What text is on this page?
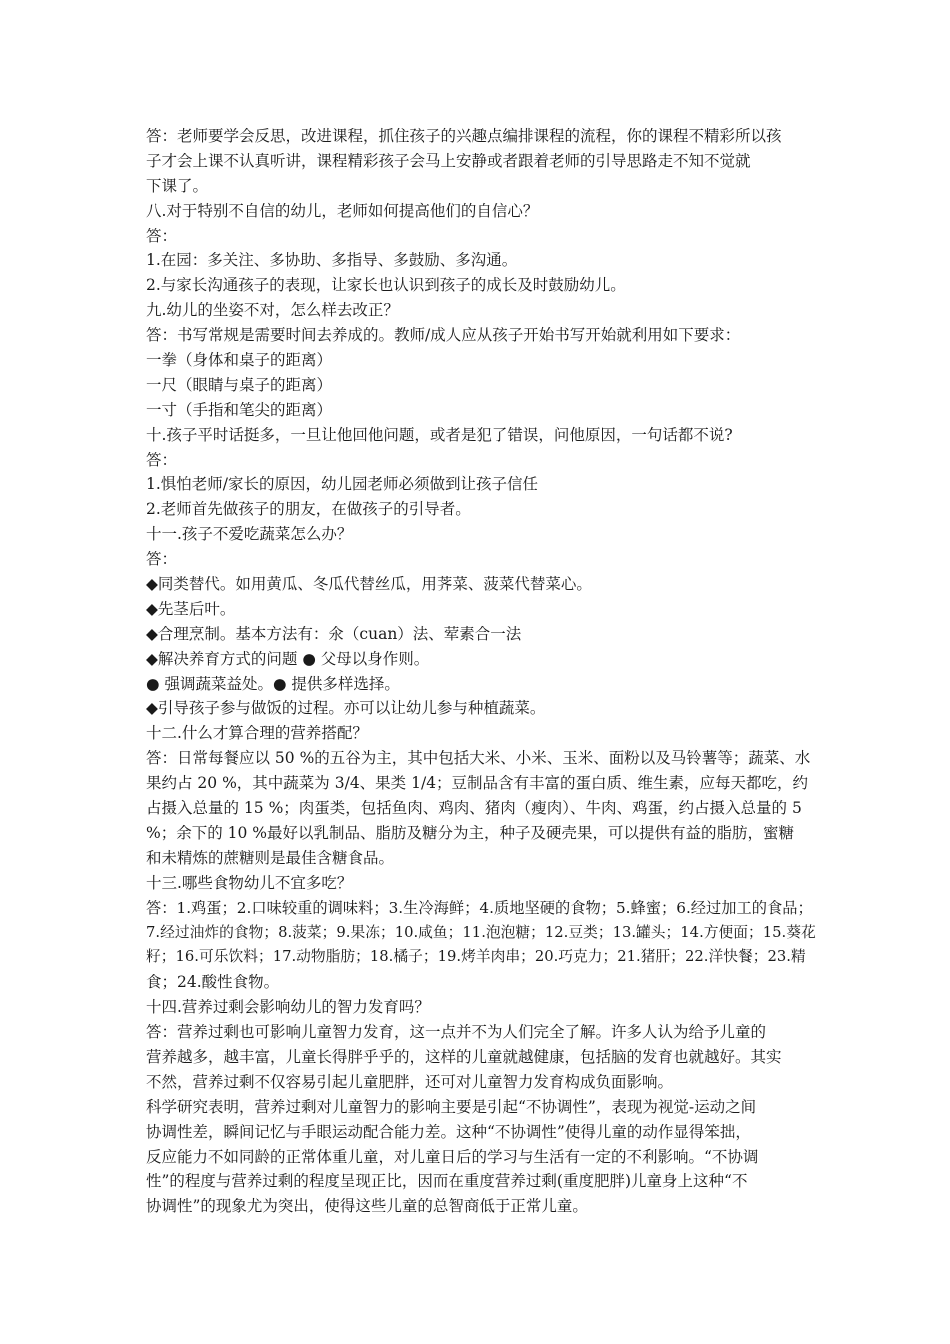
答：老师要学会反思，改进课程，抓住孩子的兴趣点编排课程的流程，你的课程不精彩所以孩
子才会上课不认真听讲，课程精彩孩子会马上安静或者跟着老师的引导思路走不知不觉就
下课了。
八.对于特别不自信的幼儿，老师如何提高他们的自信心？
答：
1.在园：多关注、多协助、多指导、多鼓励、多沟通。
2.与家长沟通孩子的表现，让家长也认识到孩子的成长及时鼓励幼儿。
九.幼儿的坐姿不对，怎么样去改正？
答：书写常规是需要时间去养成的。教师/成人应从孩子开始书写开始就利用如下要求：
一拳（身体和桌子的距离）
一尺（眼睛与桌子的距离）
一寸（手指和笔尖的距离）
十.孩子平时话挺多，一旦让他回他问题，或者是犯了错误，问他原因，一句话都不说?
答：
1.惧怕老师/家长的原因，幼儿园老师必须做到让孩子信任
2.老师首先做孩子的朋友，在做孩子的引导者。
十一.孩子不爱吃蔬菜怎么办？
答：
◆同类替代。如用黄瓜、冬瓜代替丝瓜，用荠菜、菠菜代替菜心。
◆先茎后叶。
◆合理烹制。基本方法有：氽（cuan）法、荤素合一法
◆解决养育方式的问题 ● 父母以身作则。
● 强调蔬菜益处。● 提供多样选择。
◆引导孩子参与做饭的过程。亦可以让幼儿参与种植蔬菜。
十二.什么才算合理的营养搭配？
答：日常每餐应以 50 %的五谷为主，其中包括大米、小米、玉米、面粉以及马铃薯等；蔬菜、水
果约占 20 %，其中蔬菜为 3/4、果类 1/4；豆制品含有丰富的蛋白质、维生素，应每天都吃，约
占摄入总量的 15 %；肉蛋类，包括鱼肉、鸡肉、猪肉（瘦肉）、牛肉、鸡蛋，约占摄入总量的 5
%；余下的 10 %最好以乳制品、脂肪及糖分为主，种子及硬壳果，可以提供有益的脂肪，蜜糖
和未精炼的蔗糖则是最佳含糖食品。
十三.哪些食物幼儿不宜多吃？
答：1.鸡蛋；2.口味较重的调味料；3.生冷海鲜；4.质地坚硬的食物；5.蜂蜜；6.经过加工的食品；
7.经过油炸的食物；8.菠菜；9.果冻；10.咸鱼；11.泡泡糖；12.豆类；13.罐头；14.方便面；15.葵花
籽；16.可乐饮料；17.动物脂肪；18.橘子；19.烤羊肉串；20.巧克力；21.猪肝；22.洋快餐；23.精
食；24.酸性食物。
十四.营养过剩会影响幼儿的智力发育吗？
答：营养过剩也可影响儿童智力发育，这一点并不为人们完全了解。许多人认为给予儿童的
营养越多，越丰富，儿童长得胖乎乎的，这样的儿童就越健康，包括脑的发育也就越好。其实
不然，营养过剩不仅容易引起儿童肥胖，还可对儿童智力发育构成负面影响。
科学研究表明，营养过剩对儿童智力的影响主要是引起“不协调性”，表现为视觉-运动之间
协调性差，瞬间记忆与手眼运动配合能力差。这种“不协调性”使得儿童的动作显得笨拙，
反应能力不如同龄的正常体重儿童，对儿童日后的学习与生活有一定的不利影响。“不协调
性”的程度与营养过剩的程度呈现正比，因而在重度营养过剩(重度肥胖)儿童身上这种“不
协调性”的现象尤为突出，使得这些儿童的总智商低于正常儿童。
